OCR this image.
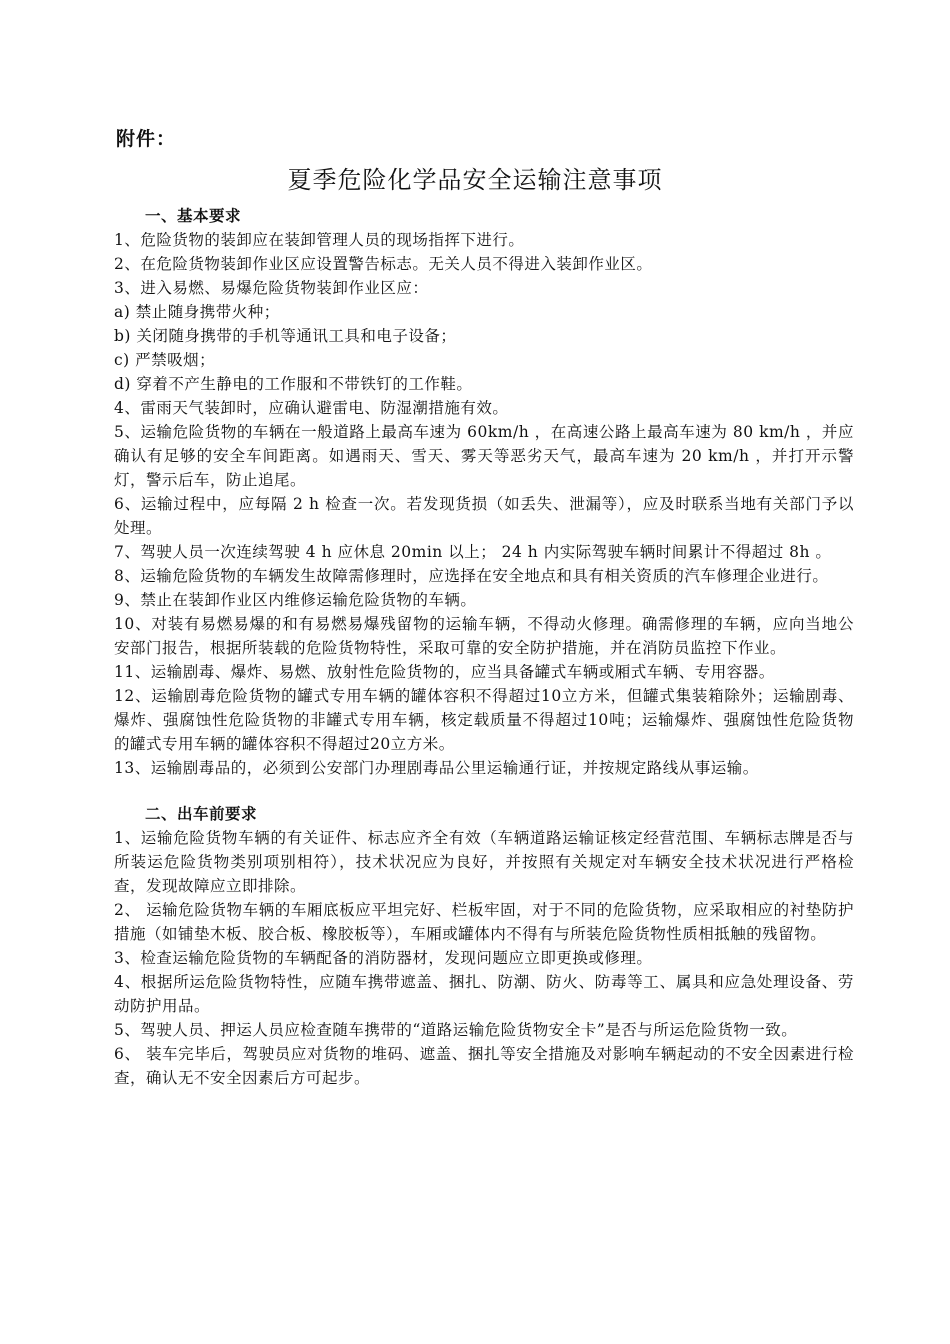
附件：
夏季危险化学品安全运输注意事项
一、基本要求
1、危险货物的装卸应在装卸管理人员的现场指挥下进行。
2、在危险货物装卸作业区应设置警告标志。无关人员不得进入装卸作业区。
3、进入易燃、易爆危险货物装卸作业区应：
a) 禁止随身携带火种；
b) 关闭随身携带的手机等通讯工具和电子设备；
c) 严禁吸烟；
d) 穿着不产生静电的工作服和不带铁钉的工作鞋。
4、雷雨天气装卸时，应确认避雷电、防湿潮措施有效。
5、运输危险货物的车辆在一般道路上最高车速为 60km/h ，在高速公路上最高车速为 80 km/h ，并应确认有足够的安全车间距离。如遇雨天、雪天、雾天等恶劣天气，最高车速为 20 km/h ，并打开示警灯，警示后车，防止追尾。
6、运输过程中，应每隔 2 h 检查一次。若发现货损（如丢失、泄漏等），应及时联系当地有关部门予以处理。
7、驾驶人员一次连续驾驶 4 h 应休息 20min 以上； 24 h 内实际驾驶车辆时间累计不得超过 8h 。
8、运输危险货物的车辆发生故障需修理时，应选择在安全地点和具有相关资质的汽车修理企业进行。
9、禁止在装卸作业区内维修运输危险货物的车辆。
10、对装有易燃易爆的和有易燃易爆残留物的运输车辆，不得动火修理。确需修理的车辆，应向当地公安部门报告，根据所装载的危险货物特性，采取可靠的安全防护措施，并在消防员监控下作业。
11、运输剧毒、爆炸、易燃、放射性危险货物的，应当具备罐式车辆或厢式车辆、专用容器。
12、运输剧毒危险货物的罐式专用车辆的罐体容积不得超过10立方米，但罐式集装箱除外；运输剧毒、爆炸、强腐蚀性危险货物的非罐式专用车辆，核定载质量不得超过10吨；运输爆炸、强腐蚀性危险货物的罐式专用车辆的罐体容积不得超过20立方米。
13、运输剧毒品的，必须到公安部门办理剧毒品公里运输通行证，并按规定路线从事运输。
二、出车前要求
1、运输危险货物车辆的有关证件、标志应齐全有效（车辆道路运输证核定经营范围、车辆标志牌是否与所装运危险货物类别项别相符），技术状况应为良好，并按照有关规定对车辆安全技术状况进行严格检查，发现故障应立即排除。
2、 运输危险货物车辆的车厢底板应平坦完好、栏板牢固，对于不同的危险货物，应采取相应的衬垫防护措施（如铺垫木板、胶合板、橡胶板等），车厢或罐体内不得有与所装危险货物性质相抵触的残留物。
3、检查运输危险货物的车辆配备的消防器材，发现问题应立即更换或修理。
4、根据所运危险货物特性，应随车携带遮盖、捆扎、防潮、防火、防毒等工、属具和应急处理设备、劳动防护用品。
5、驾驶人员、押运人员应检查随车携带的“道路运输危险货物安全卡”是否与所运危险货物一致。
6、 装车完毕后，驾驶员应对货物的堆码、遮盖、捆扎等安全措施及对影响车辆起动的不安全因素进行检查，确认无不安全因素后方可起步。
